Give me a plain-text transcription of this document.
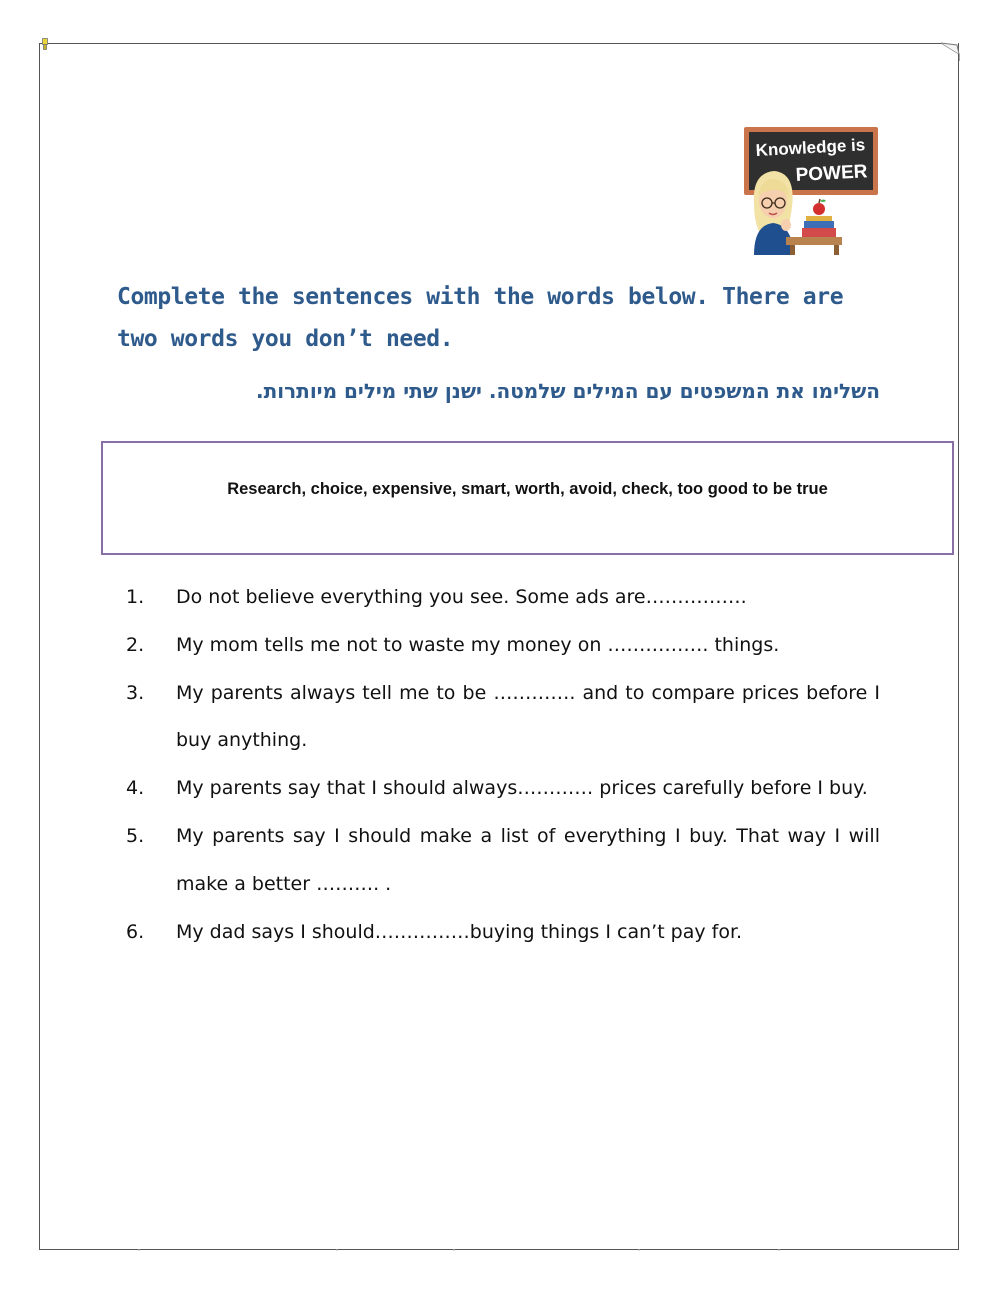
Knowledge is
POWER

Complete the sentences with the words below. There are two words you don’t need.

השלימו את המשפטים עם המילים שלמטה. ישנן שתי מילים מיותרות.

Research, choice, expensive, smart, worth, avoid, check, too good to be true
1.	Do not believe everything you see. Some ads are…………….
2.	My mom tells me not to waste my money on ……………. things.
3.	My parents always tell me to be …………. and to compare prices before I buy anything.
4.	My parents say that I should always………… prices carefully before I buy.
5.	My parents say I should make a list of everything I buy. That way I will make a better ………. .
6.	My dad says I should……………buying things I can’t pay for.
